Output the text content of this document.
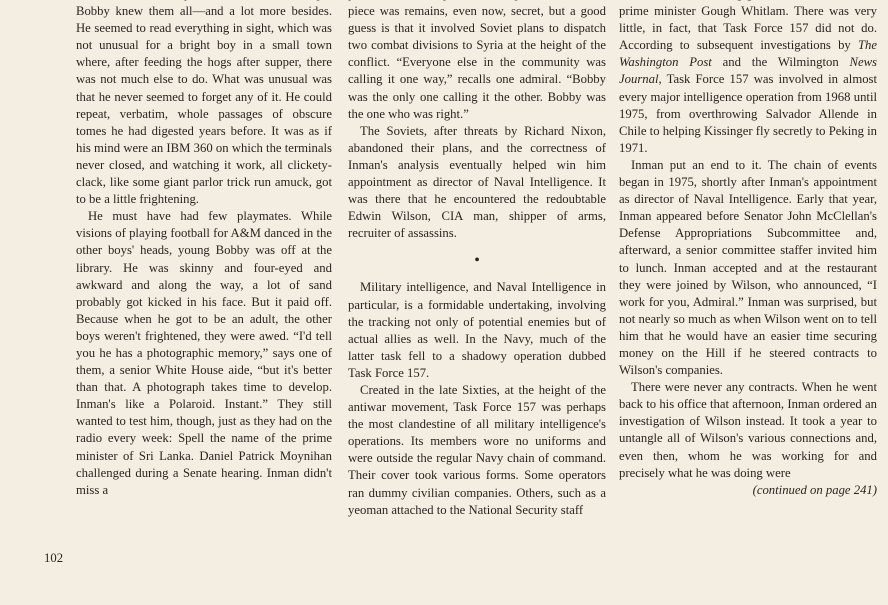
Bobby knew them all—and a lot more besides. He seemed to read everything in sight, which was not unusual for a bright boy in a small town where, after feeding the hogs after supper, there was not much else to do. What was unusual was that he never seemed to forget any of it. He could repeat, verbatim, whole passages of obscure tomes he had digested years before. It was as if his mind were an IBM 360 on which the terminals never closed, and watching it work, all clickety-clack, like some giant parlor trick run amuck, got to be a little frightening.

He must have had few playmates. While visions of playing football for A&M danced in the other boys' heads, young Bobby was off at the library. He was skinny and four-eyed and awkward and along the way, a lot of sand probably got kicked in his face. But it paid off. Because when he got to be an adult, the other boys weren't frightened, they were awed. “I'd tell you he has a photographic memory,” says one of them, a senior White House aide, “but it's better than that. A photograph takes time to develop. Inman's like a Polaroid. Instant.” They still wanted to test him, though, just as they had on the radio every week: Spell the name of the prime minister of Sri Lanka. Daniel Patrick Moynihan challenged during a Senate hearing. Inman didn't miss a

piece was remains, even now, secret, but a good guess is that it involved Soviet plans to dispatch two combat divisions to Syria at the height of the conflict. “Everyone else in the community was calling it one way,” recalls one admiral. “Bobby was the only one calling it the other. Bobby was the one who was right.”

The Soviets, after threats by Richard Nixon, abandoned their plans, and the correctness of Inman's analysis eventually helped win him appointment as director of Naval Intelligence. It was there that he encountered the redoubtable Edwin Wilson, CIA man, shipper of arms, recruiter of assassins.

•

Military intelligence, and Naval Intelligence in particular, is a formidable undertaking, involving the tracking not only of potential enemies but of actual allies as well. In the Navy, much of the latter task fell to a shadowy operation dubbed Task Force 157.

Created in the late Sixties, at the height of the antiwar movement, Task Force 157 was perhaps the most clandestine of all military intelligence's operations. Its members wore no uniforms and were outside the regular Navy chain of command. Their cover took various forms. Some operators ran dummy civilian companies. Others, such as a yeoman attached to the National Security staff

prime minister Gough Whitlam. There was very little, in fact, that Task Force 157 did not do. According to subsequent investigations by The Washington Post and the Wilmington News Journal, Task Force 157 was involved in almost every major intelligence operation from 1968 until 1975, from overthrowing Salvador Allende in Chile to helping Kissinger fly secretly to Peking in 1971.

Inman put an end to it. The chain of events began in 1975, shortly after Inman's appointment as director of Naval Intelligence. Early that year, Inman appeared before Senator John McClellan's Defense Appropriations Subcommittee and, afterward, a senior committee staffer invited him to lunch. Inman accepted and at the restaurant they were joined by Wilson, who announced, “I work for you, Admiral.” Inman was surprised, but not nearly so much as when Wilson went on to tell him that he would have an easier time securing money on the Hill if he steered contracts to Wilson's companies.

There were never any contracts. When he went back to his office that afternoon, Inman ordered an investigation of Wilson instead. It took a year to untangle all of Wilson's various connections and, even then, whom he was working for and precisely what he was doing were

(continued on page 241)
102
